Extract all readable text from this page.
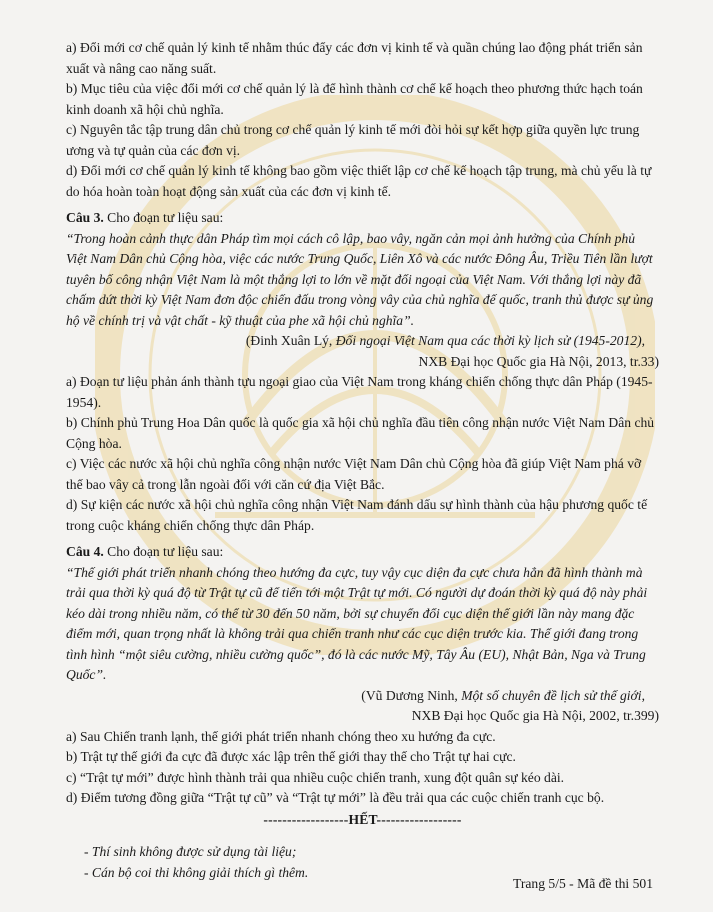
a) Đổi mới cơ chế quản lý kinh tế nhằm thúc đẩy các đơn vị kinh tế và quần chúng lao động phát triển sản xuất và nâng cao năng suất.

b) Mục tiêu của việc đổi mới cơ chế quản lý là để hình thành cơ chế kế hoạch theo phương thức hạch toán kinh doanh xã hội chủ nghĩa.

c) Nguyên tắc tập trung dân chủ trong cơ chế quản lý kinh tế mới đòi hỏi sự kết hợp giữa quyền lực trung ương và tự quản của các đơn vị.

d) Đổi mới cơ chế quản lý kinh tế không bao gồm việc thiết lập cơ chế kế hoạch tập trung, mà chủ yếu là tự do hóa hoàn toàn hoạt động sản xuất của các đơn vị kinh tế.

Câu 3. Cho đoạn tư liệu sau:

“Trong hoàn cảnh thực dân Pháp tìm mọi cách cô lập, bao vây, ngăn cản mọi ảnh hưởng của Chính phủ Việt Nam Dân chủ Cộng hòa, việc các nước Trung Quốc, Liên Xô và các nước Đông Âu, Triều Tiên lần lượt tuyên bố công nhận Việt Nam là một thắng lợi to lớn về mặt đối ngoại của Việt Nam. Với thắng lợi này đã chấm dứt thời kỳ Việt Nam đơn độc chiến đấu trong vòng vây của chủ nghĩa đế quốc, tranh thủ được sự ủng hộ về chính trị và vật chất - kỹ thuật của phe xã hội chủ nghĩa”.

(Đinh Xuân Lý, Đối ngoại Việt Nam qua các thời kỳ lịch sử (1945-2012),

NXB Đại học Quốc gia Hà Nội, 2013, tr.33)

a) Đoạn tư liệu phản ánh thành tựu ngoại giao của Việt Nam trong kháng chiến chống thực dân Pháp (1945-1954).

b) Chính phủ Trung Hoa Dân quốc là quốc gia xã hội chủ nghĩa đầu tiên công nhận nước Việt Nam Dân chủ Cộng hòa.

c) Việc các nước xã hội chủ nghĩa công nhận nước Việt Nam Dân chủ Cộng hòa đã giúp Việt Nam phá vỡ thế bao vây cả trong lẫn ngoài đối với căn cứ địa Việt Bắc.

d) Sự kiện các nước xã hội chủ nghĩa công nhận Việt Nam đánh dấu sự hình thành của hậu phương quốc tế trong cuộc kháng chiến chống thực dân Pháp.

Câu 4. Cho đoạn tư liệu sau:

“Thế giới phát triển nhanh chóng theo hướng đa cực, tuy vậy cục diện đa cực chưa hẳn đã hình thành mà trải qua thời kỳ quá độ từ Trật tự cũ để tiến tới một Trật tự mới. Có người dự đoán thời kỳ quá độ này phải kéo dài trong nhiều năm, có thể từ 30 đến 50 năm, bởi sự chuyển đổi cục diện thế giới lần này mang đặc điểm mới, quan trọng nhất là không trải qua chiến tranh như các cục diện trước kia. Thế giới đang trong tình hình “một siêu cường, nhiều cường quốc”, đó là các nước Mỹ, Tây Âu (EU), Nhật Bản, Nga và Trung Quốc”.

(Vũ Dương Ninh, Một số chuyên đề lịch sử thế giới,

NXB Đại học Quốc gia Hà Nội, 2002, tr.399)

a) Sau Chiến tranh lạnh, thế giới phát triển nhanh chóng theo xu hướng đa cực.

b) Trật tự thế giới đa cực đã được xác lập trên thế giới thay thế cho Trật tự hai cực.

c) “Trật tự mới” được hình thành trải qua nhiều cuộc chiến tranh, xung đột quân sự kéo dài.

d) Điểm tương đồng giữa “Trật tự cũ” và “Trật tự mới” là đều trải qua các cuộc chiến tranh cục bộ.

------------------HẾT------------------

- Thí sinh không được sử dụng tài liệu;

- Cán bộ coi thi không giải thích gì thêm.

Trang 5/5 - Mã đề thi 501
